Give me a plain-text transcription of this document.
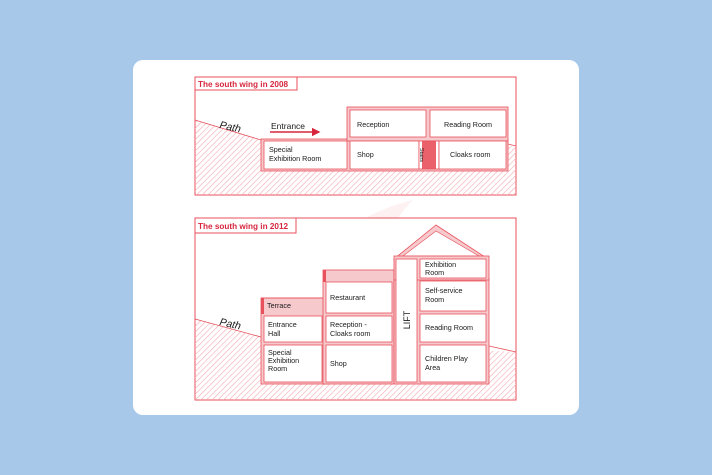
The south wing in 2008
Path	Entrance
Special
Exhibition Room
Reception	Reading Room
Shop	Stairs	Cloaks room
The south wing in 2012
Path
Terrace
Entrance
Hall
Special
Exhibition
Room
Restaurant
Reception -
Cloaks room
Shop
LIFT
Exhibition
Room
Self-service
Room
Reading Room
Children Play
Area
